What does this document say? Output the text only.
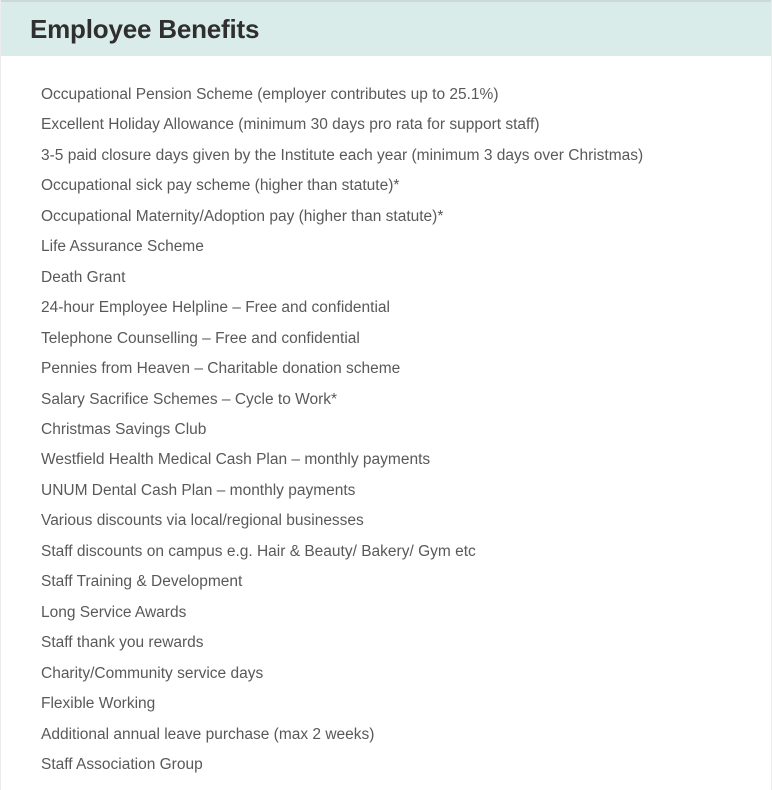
Employee Benefits
Occupational Pension Scheme (employer contributes up to 25.1%)
Excellent Holiday Allowance (minimum 30 days pro rata for support staff)
3-5 paid closure days given by the Institute each year (minimum 3 days over Christmas)
Occupational sick pay scheme (higher than statute)*
Occupational Maternity/Adoption pay (higher than statute)*
Life Assurance Scheme
Death Grant
24-hour Employee Helpline – Free and confidential
Telephone Counselling – Free and confidential
Pennies from Heaven – Charitable donation scheme
Salary Sacrifice Schemes – Cycle to Work*
Christmas Savings Club
Westfield Health Medical Cash Plan – monthly payments
UNUM Dental Cash Plan – monthly payments
Various discounts via local/regional businesses
Staff discounts on campus e.g. Hair & Beauty/ Bakery/ Gym etc
Staff Training & Development
Long Service Awards
Staff thank you rewards
Charity/Community service days
Flexible Working
Additional annual leave purchase (max 2 weeks)
Staff Association Group
